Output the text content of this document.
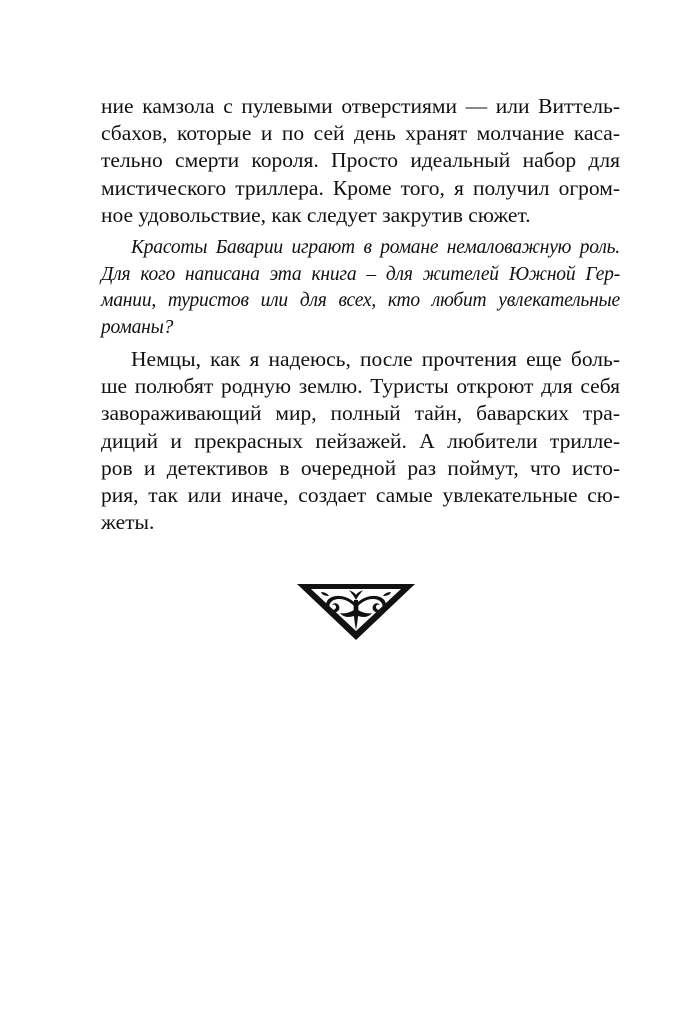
ние камзола с пулевыми отверстиями — или Виттель-
сбахов, которые и по сей день хранят молчание каса-
тельно смерти короля. Просто идеальный набор для
мистического триллера. Кроме того, я получил огром-
ное удовольствие, как следует закрутив сюжет.
Красоты Баварии играют в романе немаловажную роль.
Для кого написана эта книга – для жителей Южной Гер-
мании, туристов или для всех, кто любит увлекательные
романы?
Немцы, как я надеюсь, после прочтения еще боль-
ше полюбят родную землю. Туристы откроют для себя
завораживающий мир, полный тайн, баварских тра-
диций и прекрасных пейзажей. А любители трилле-
ров и детективов в очередной раз поймут, что исто-
рия, так или иначе, создает самые увлекательные сю-
жеты.
